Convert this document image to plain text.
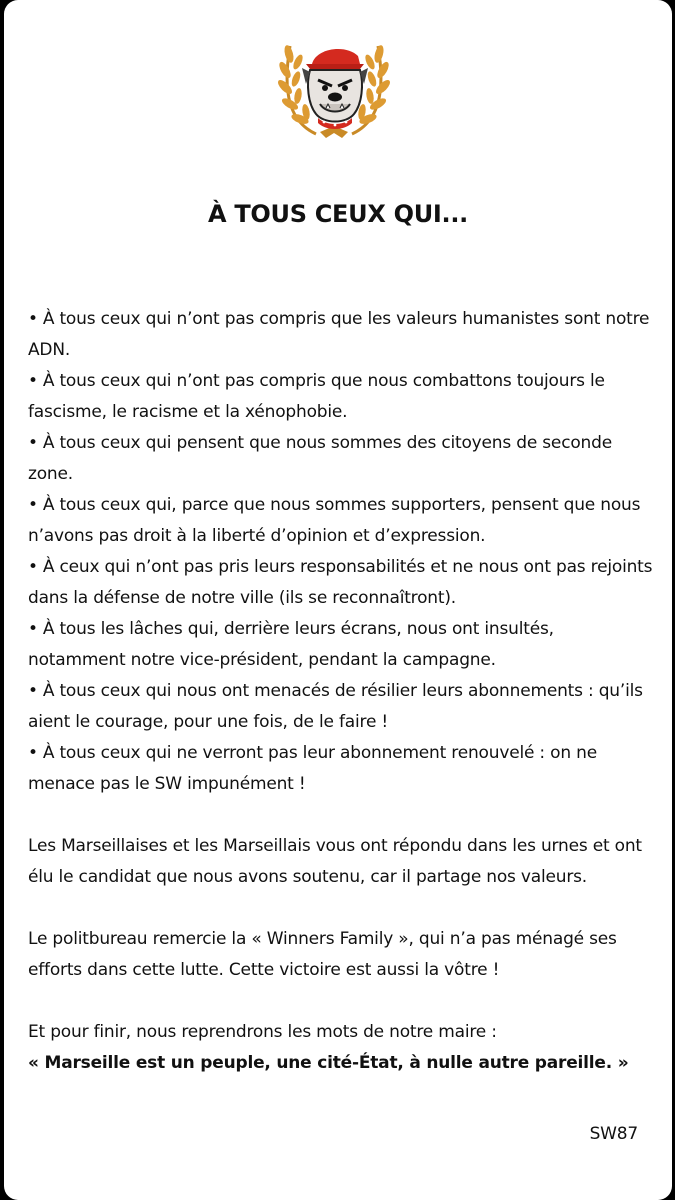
À TOUS CEUX QUI...

• À tous ceux qui n’ont pas compris que les valeurs humanistes sont notre ADN.

• À tous ceux qui n’ont pas compris que nous combattons toujours le fascisme, le racisme et la xénophobie.

• À tous ceux qui pensent que nous sommes des citoyens de seconde zone.

• À tous ceux qui, parce que nous sommes supporters, pensent que nous n’avons pas droit à la liberté d’opinion et d’expression.

• À ceux qui n’ont pas pris leurs responsabilités et ne nous ont pas rejoints dans la défense de notre ville (ils se reconnaîtront).

• À tous les lâches qui, derrière leurs écrans, nous ont insultés, notamment notre vice-président, pendant la campagne.

• À tous ceux qui nous ont menacés de résilier leurs abonnements : qu’ils aient le courage, pour une fois, de le faire !

• À tous ceux qui ne verront pas leur abonnement renouvelé : on ne menace pas le SW impunément !

Les Marseillaises et les Marseillais vous ont répondu dans les urnes et ont élu le candidat que nous avons soutenu, car il partage nos valeurs.

Le politbureau remercie la « Winners Family », qui n’a pas ménagé ses efforts dans cette lutte. Cette victoire est aussi la vôtre !

Et pour finir, nous reprendrons les mots de notre maire :

« Marseille est un peuple, une cité-État, à nulle autre pareille. »

SW87
